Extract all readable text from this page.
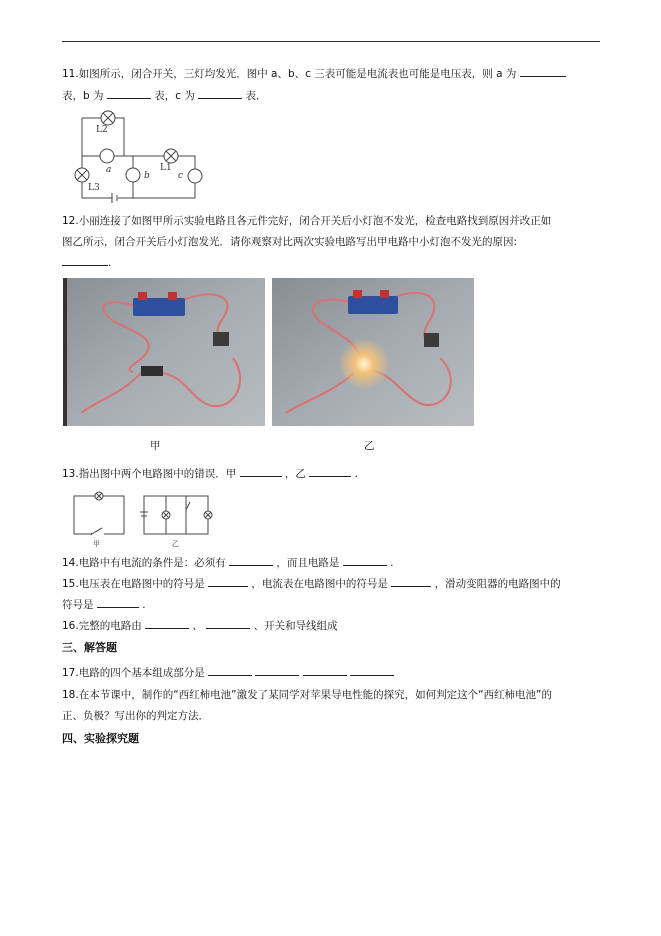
11.如图所示，闭合开关，三灯均发光．图中 a、b、c 三表可能是电流表也可能是电压表，则 a 为
表，b 为	表，c 为	表．
L2
L1
L3
a
b	c
12.小丽连接了如图甲所示实验电路且各元件完好，闭合开关后小灯泡不发光，检查电路找到原因并改正如
图乙所示，闭合开关后小灯泡发光．请你观察对比两次实验电路写出甲电路中小灯泡不发光的原因:
.
甲	乙
13.指出图中两个电路图中的错误．甲	，乙	.
甲	乙
14.电路中有电流的条件是：必须有	，而且电路是	.
15.电压表在电路图中的符号是	，电流表在电路图中的符号是	，滑动变阻器的电路图中的
符号是	.
16.完整的电路由	、	、开关和导线组成
三、解答题
17.电路的四个基本组成部分是
18.在本节课中，制作的“西红柿电池”激发了某同学对苹果导电性能的探究，如何判定这个“西红柿电池”的
正、负极？写出你的判定方法．
四、实验探究题
